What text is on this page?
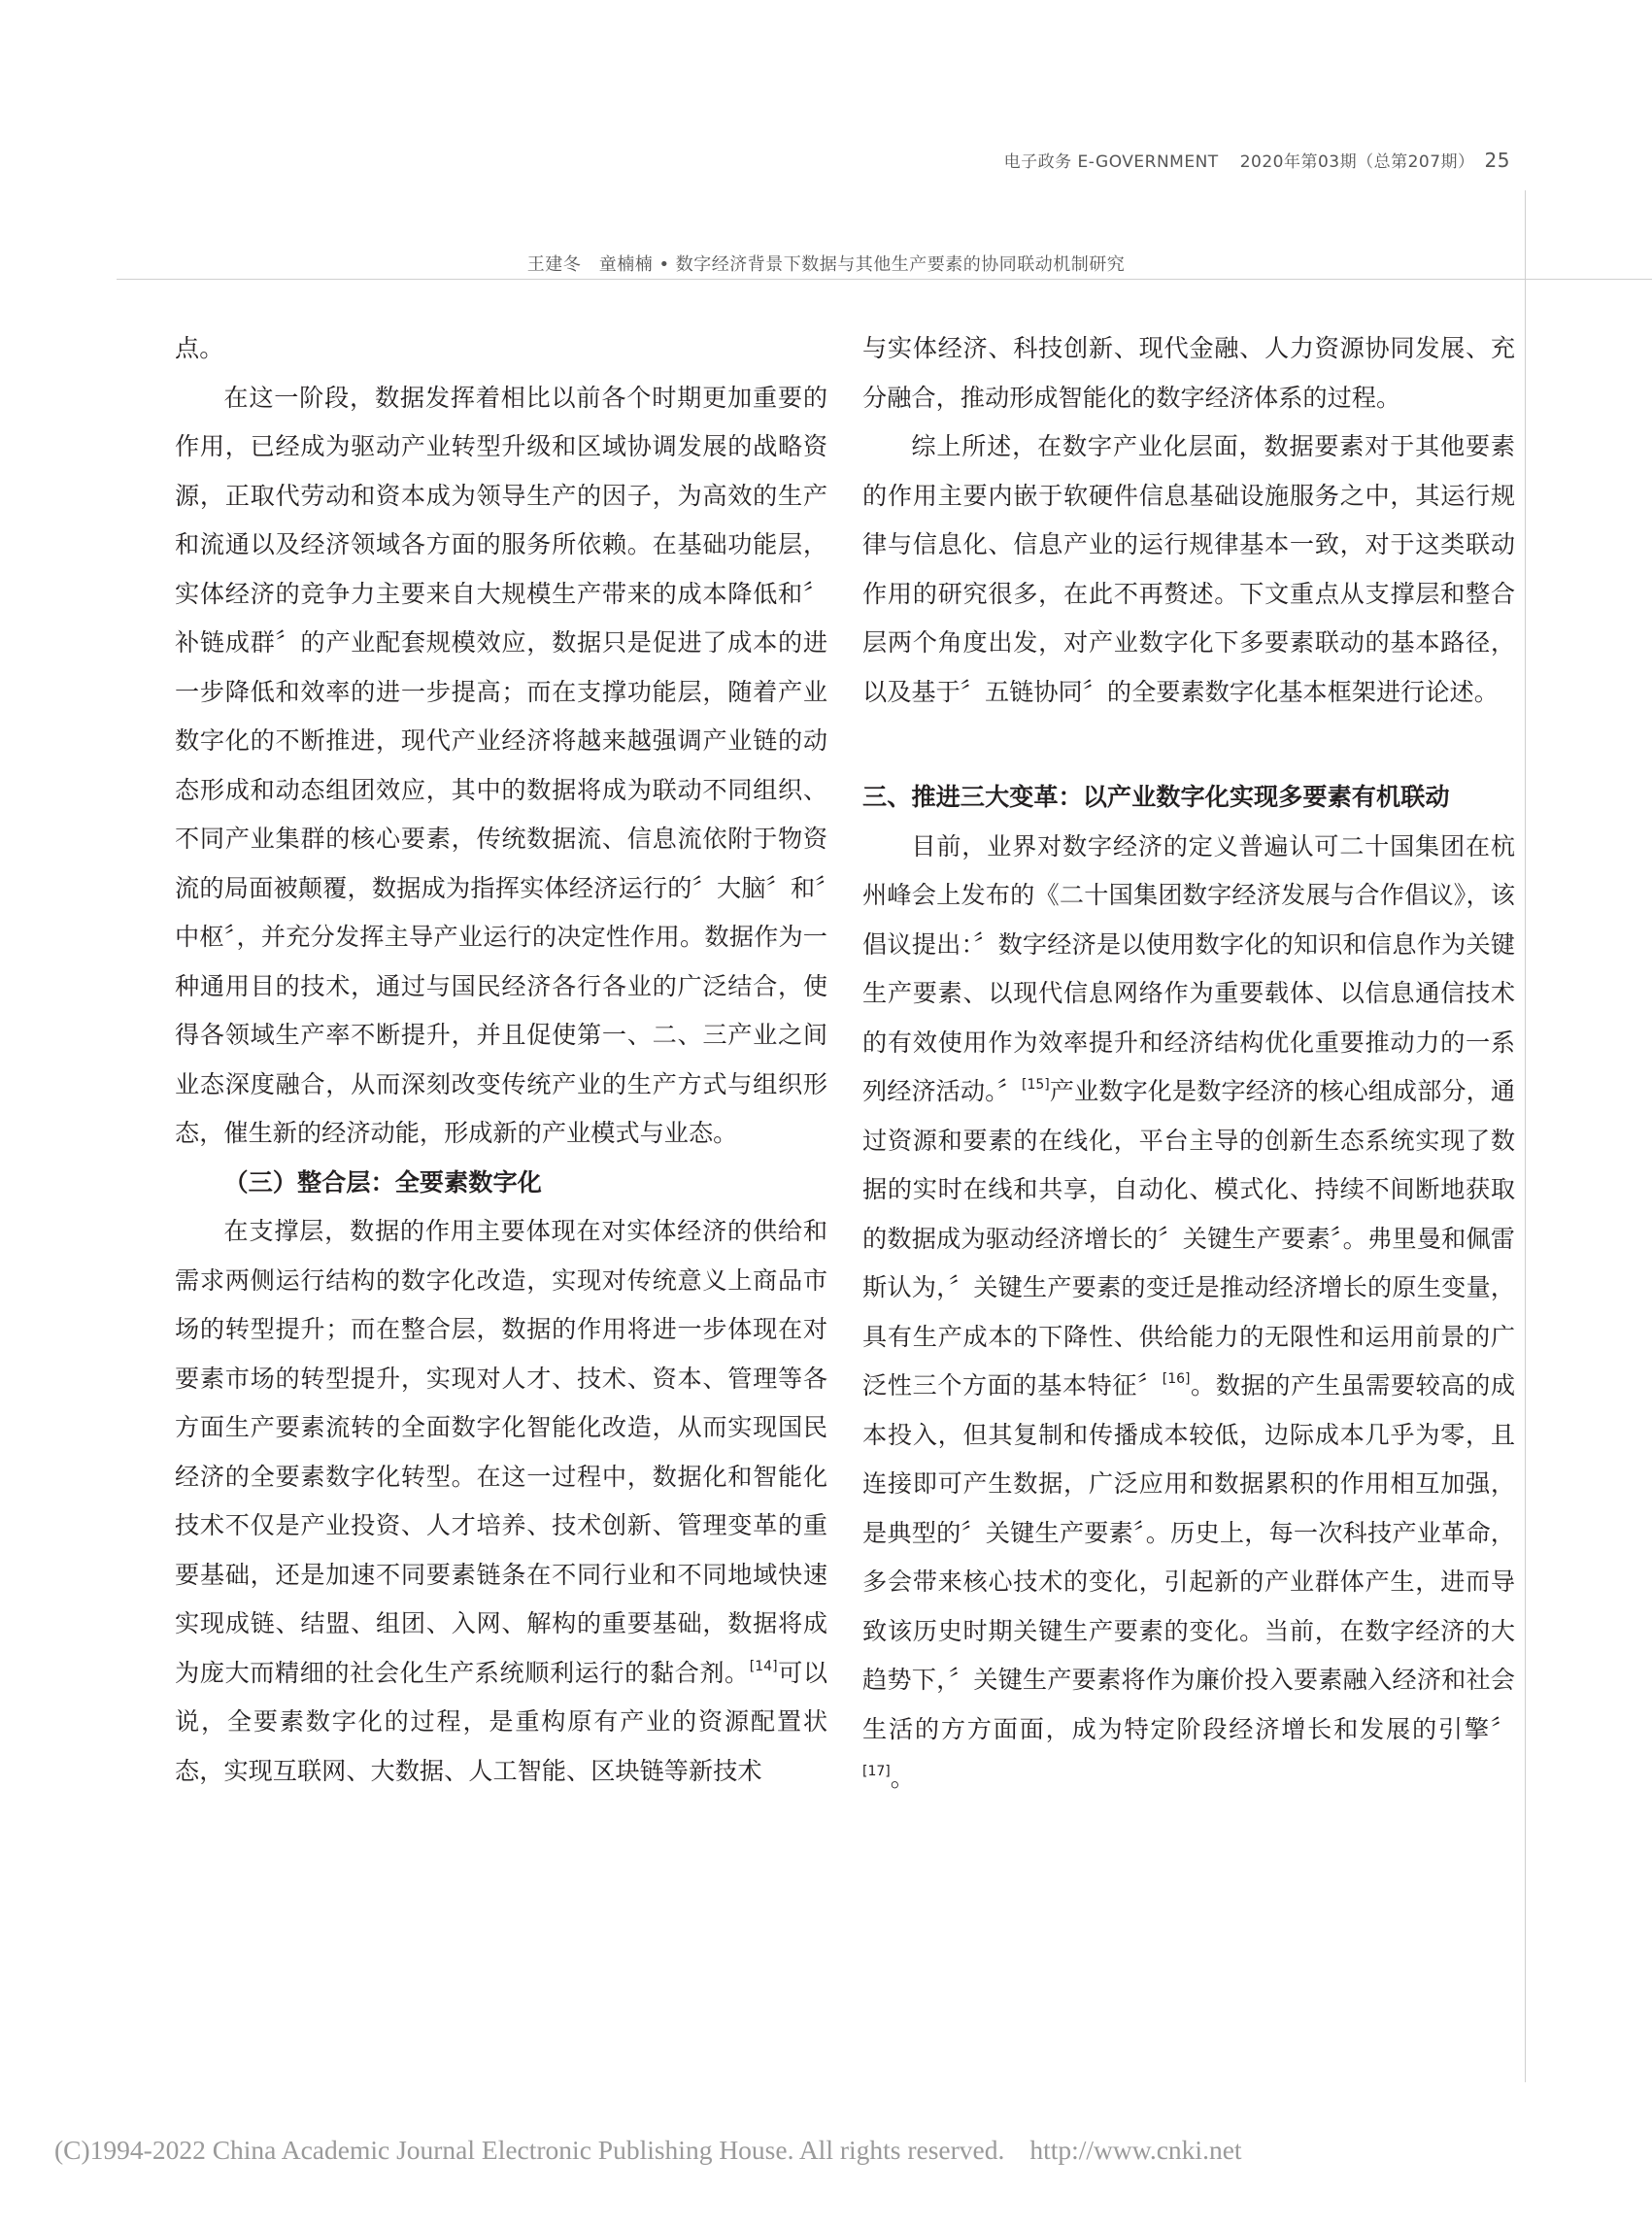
电子政务 E-GOVERNMENT 2020年第03期（总第207期） 25
王建冬　童楠楠 • 数字经济背景下数据与其他生产要素的协同联动机制研究

点。

在这一阶段，数据发挥着相比以前各个时期更加重要的作用，已经成为驱动产业转型升级和区域协调发展的战略资源，正取代劳动和资本成为领导生产的因子，为高效的生产和流通以及经济领域各方面的服务所依赖。在基础功能层，实体经济的竞争力主要来自大规模生产带来的成本降低和〞补链成群〞的产业配套规模效应，数据只是促进了成本的进一步降低和效率的进一步提高；而在支撑功能层，随着产业数字化的不断推进，现代产业经济将越来越强调产业链的动态形成和动态组团效应，其中的数据将成为联动不同组织、不同产业集群的核心要素，传统数据流、信息流依附于物资流的局面被颠覆，数据成为指挥实体经济运行的〞大脑〞和〞中枢〞，并充分发挥主导产业运行的决定性作用。数据作为一种通用目的技术，通过与国民经济各行各业的广泛结合，使得各领域生产率不断提升，并且促使第一、二、三产业之间业态深度融合，从而深刻改变传统产业的生产方式与组织形态，催生新的经济动能，形成新的产业模式与业态。

（三）整合层：全要素数字化

在支撑层，数据的作用主要体现在对实体经济的供给和需求两侧运行结构的数字化改造，实现对传统意义上商品市场的转型提升；而在整合层，数据的作用将进一步体现在对要素市场的转型提升，实现对人才、技术、资本、管理等各方面生产要素流转的全面数字化智能化改造，从而实现国民经济的全要素数字化转型。在这一过程中，数据化和智能化技术不仅是产业投资、人才培养、技术创新、管理变革的重要基础，还是加速不同要素链条在不同行业和不同地域快速实现成链、结盟、组团、入网、解构的重要基础，数据将成为庞大而精细的社会化生产系统顺利运行的黏合剂。[14]可以说，全要素数字化的过程，是重构原有产业的资源配置状态，实现互联网、大数据、人工智能、区块链等新技术

与实体经济、科技创新、现代金融、人力资源协同发展、充分融合，推动形成智能化的数字经济体系的过程。

综上所述，在数字产业化层面，数据要素对于其他要素的作用主要内嵌于软硬件信息基础设施服务之中，其运行规律与信息化、信息产业的运行规律基本一致，对于这类联动作用的研究很多，在此不再赘述。下文重点从支撑层和整合层两个角度出发，对产业数字化下多要素联动的基本路径，以及基于〞五链协同〞的全要素数字化基本框架进行论述。

三、推进三大变革：以产业数字化实现多要素有机联动

目前，业界对数字经济的定义普遍认可二十国集团在杭州峰会上发布的《二十国集团数字经济发展与合作倡议》，该倡议提出：〞数字经济是以使用数字化的知识和信息作为关键生产要素、以现代信息网络作为重要载体、以信息通信技术的有效使用作为效率提升和经济结构优化重要推动力的一系列经济活动。〞[15]产业数字化是数字经济的核心组成部分，通过资源和要素的在线化，平台主导的创新生态系统实现了数据的实时在线和共享，自动化、模式化、持续不间断地获取的数据成为驱动经济增长的〞关键生产要素〞。弗里曼和佩雷斯认为，〞关键生产要素的变迁是推动经济增长的原生变量，具有生产成本的下降性、供给能力的无限性和运用前景的广泛性三个方面的基本特征〞[16]。数据的产生虽需要较高的成本投入，但其复制和传播成本较低，边际成本几乎为零，且连接即可产生数据，广泛应用和数据累积的作用相互加强，是典型的〞关键生产要素〞。历史上，每一次科技产业革命，多会带来核心技术的变化，引起新的产业群体产生，进而导致该历史时期关键生产要素的变化。当前，在数字经济的大趋势下，〞关键生产要素将作为廉价投入要素融入经济和社会生活的方方面面，成为特定阶段经济增长和发展的引擎〞[17]。

(C)1994-2022 China Academic Journal Electronic Publishing House. All rights reserved. http://www.cnki.net
